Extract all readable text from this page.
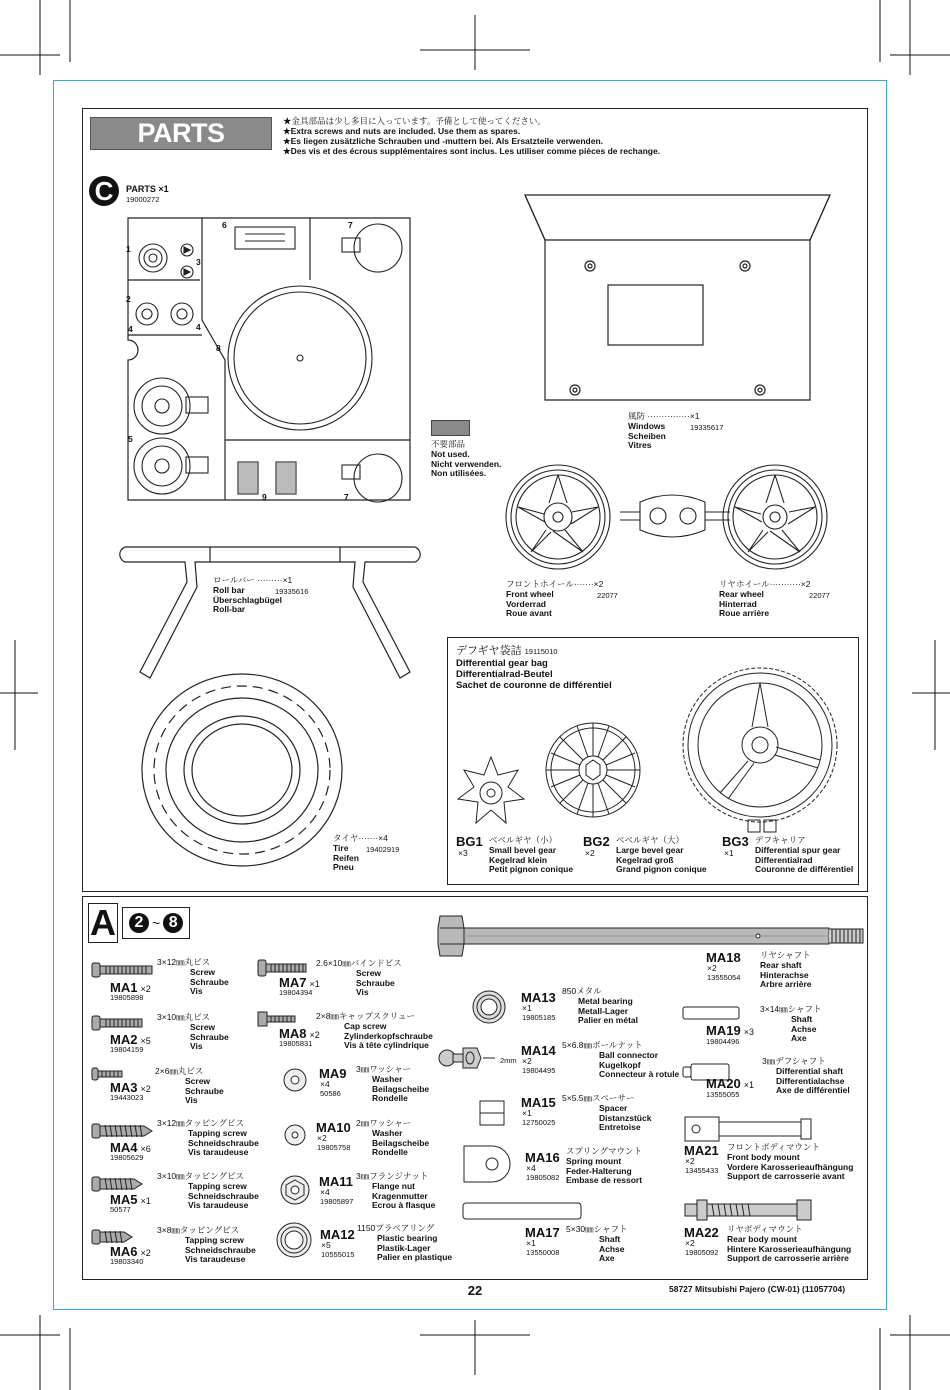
PARTS	★金具部品は少し多目に入っています。予備として使ってください。
★Extra screws and nuts are included. Use them as spares.
★Es liegen zusätzliche Schrauben und -muttern bei. Als Ersatzteile verwenden.
★Des vis et des écrous supplémentaires sont inclus. Les utiliser comme pièces de rechange.
C	PARTS ×1
19000272
1
2
3
4	4
5
6	7
7
8
9
不要部品
Not used.
Nicht verwenden.
Non utilisées.
風防 ···············×1
Windows
Scheiben
Vitres
19335617
フロントホイール·······×2
Front wheel
Vorderrad
Roue avant
22077
リヤホイール···········×2
Rear wheel
Hinterrad
Roue arrière
22077
ロールバー ·········×1
Roll bar
Überschlagbügel
Roll-bar
19335616
タイヤ·······×4
Tire
Reifen
Pneu
19402919
デフギヤ袋詰 19115010
Differential gear bag
Differentialrad-Beutel
Sachet de couronne de différentiel
BG1
×3
ベベルギヤ（小）
Small bevel gear
Kegelrad klein
Petit pignon conique
BG2
×2
ベベルギヤ（大）
Large bevel gear
Kegelrad groß
Grand pignon conique
BG3
×1
デフキャリア
Differential spur gear
Differentialrad
Couronne de différentiel
A	2 ~ 8
2mm
MA1 ×2
19805898
3×12㎜丸ビス
Screw
Schraube
Vis
MA2 ×5
19804159
3×10㎜丸ビス
Screw
Schraube
Vis
MA3 ×2
19443023
2×6㎜丸ビス
Screw
Schraube
Vis
MA4 ×6
19805629
3×12㎜タッピングビス
Tapping screw
Schneidschraube
Vis taraudeuse
MA5 ×1
50577
3×10㎜タッピングビス
Tapping screw
Schneidschraube
Vis taraudeuse
MA6 ×2
19803340
3×8㎜タッピングビス
Tapping screw
Schneidschraube
Vis taraudeuse
MA7 ×1
19804394
2.6×10㎜バインドビス
Screw
Schraube
Vis
MA8 ×2
19805831
2×8㎜キャップスクリュー
Cap screw
Zylinderkopfschraube
Vis à tête cylindrique
MA9
×4
50586
3㎜ワッシャー
Washer
Beilagscheibe
Rondelle
MA10
×2
19805758
2㎜ワッシャー
Washer
Beilagscheibe
Rondelle
MA11
×4
19805897
3㎜フランジナット
Flange nut
Kragenmutter
Ecrou à flasque
MA12
×5
10555015
1150プラベアリング
Plastic bearing
Plastik-Lager
Palier en plastique
MA13
×1
19805185
850メタル
Metal bearing
Metall-Lager
Palier en métal
MA14
×2
19804495
5×6.8㎜ボールナット
Ball connector
Kugelkopf
Connecteur à rotule
MA15
×1
12750025
5×5.5㎜スペーサー
Spacer
Distanzstück
Entretoise
MA16
×4
19805082
スプリングマウント
Spring mount
Feder-Halterung
Embase de ressort
MA17
×1
13550008
5×30㎜シャフト
Shaft
Achse
Axe
MA18
×2
13555054
リヤシャフト
Rear shaft
Hinterachse
Arbre arrière
MA19 ×3
19804496
3×14㎜シャフト
Shaft
Achse
Axe
MA20 ×1
13555055
3㎜デフシャフト
Differential shaft
Differentialachse
Axe de différentiel
MA21
×2
13455433
フロントボディマウント
Front body mount
Vordere Karosserieaufhängung
Support de carrosserie avant
MA22
×2
19805092
リヤボディマウント
Rear body mount
Hintere Karosserieaufhängung
Support de carrosserie arrière
22	58727 Mitsubishi Pajero (CW-01) (11057704)
